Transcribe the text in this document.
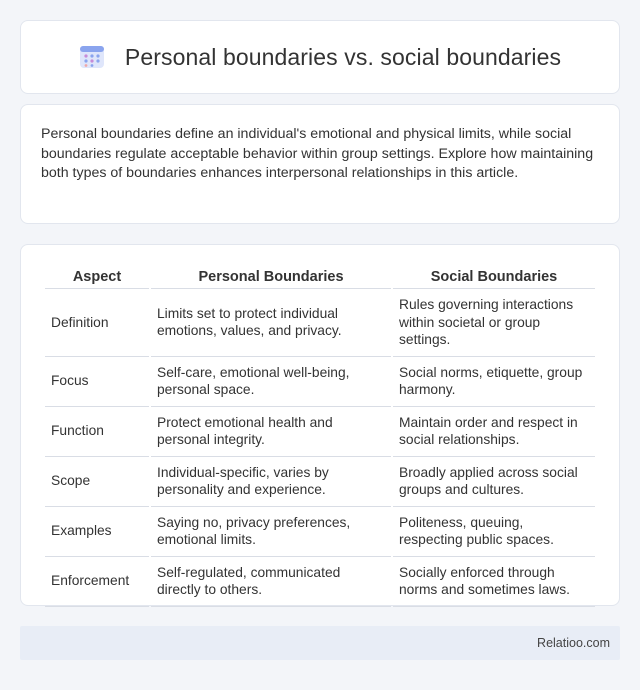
Personal boundaries vs. social boundaries

Personal boundaries define an individual's emotional and physical limits, while social boundaries regulate acceptable behavior within group settings. Explore how maintaining both types of boundaries enhances interpersonal relationships in this article.

Aspect	Personal Boundaries	Social Boundaries
Definition	Limits set to protect individual emotions, values, and privacy.	Rules governing interactions within societal or group settings.
Focus	Self-care, emotional well-being, personal space.	Social norms, etiquette, group harmony.
Function	Protect emotional health and personal integrity.	Maintain order and respect in social relationships.
Scope	Individual-specific, varies by personality and experience.	Broadly applied across social groups and cultures.
Examples	Saying no, privacy preferences, emotional limits.	Politeness, queuing, respecting public spaces.
Enforcement	Self-regulated, communicated directly to others.	Socially enforced through norms and sometimes laws.
Relatioo.com
